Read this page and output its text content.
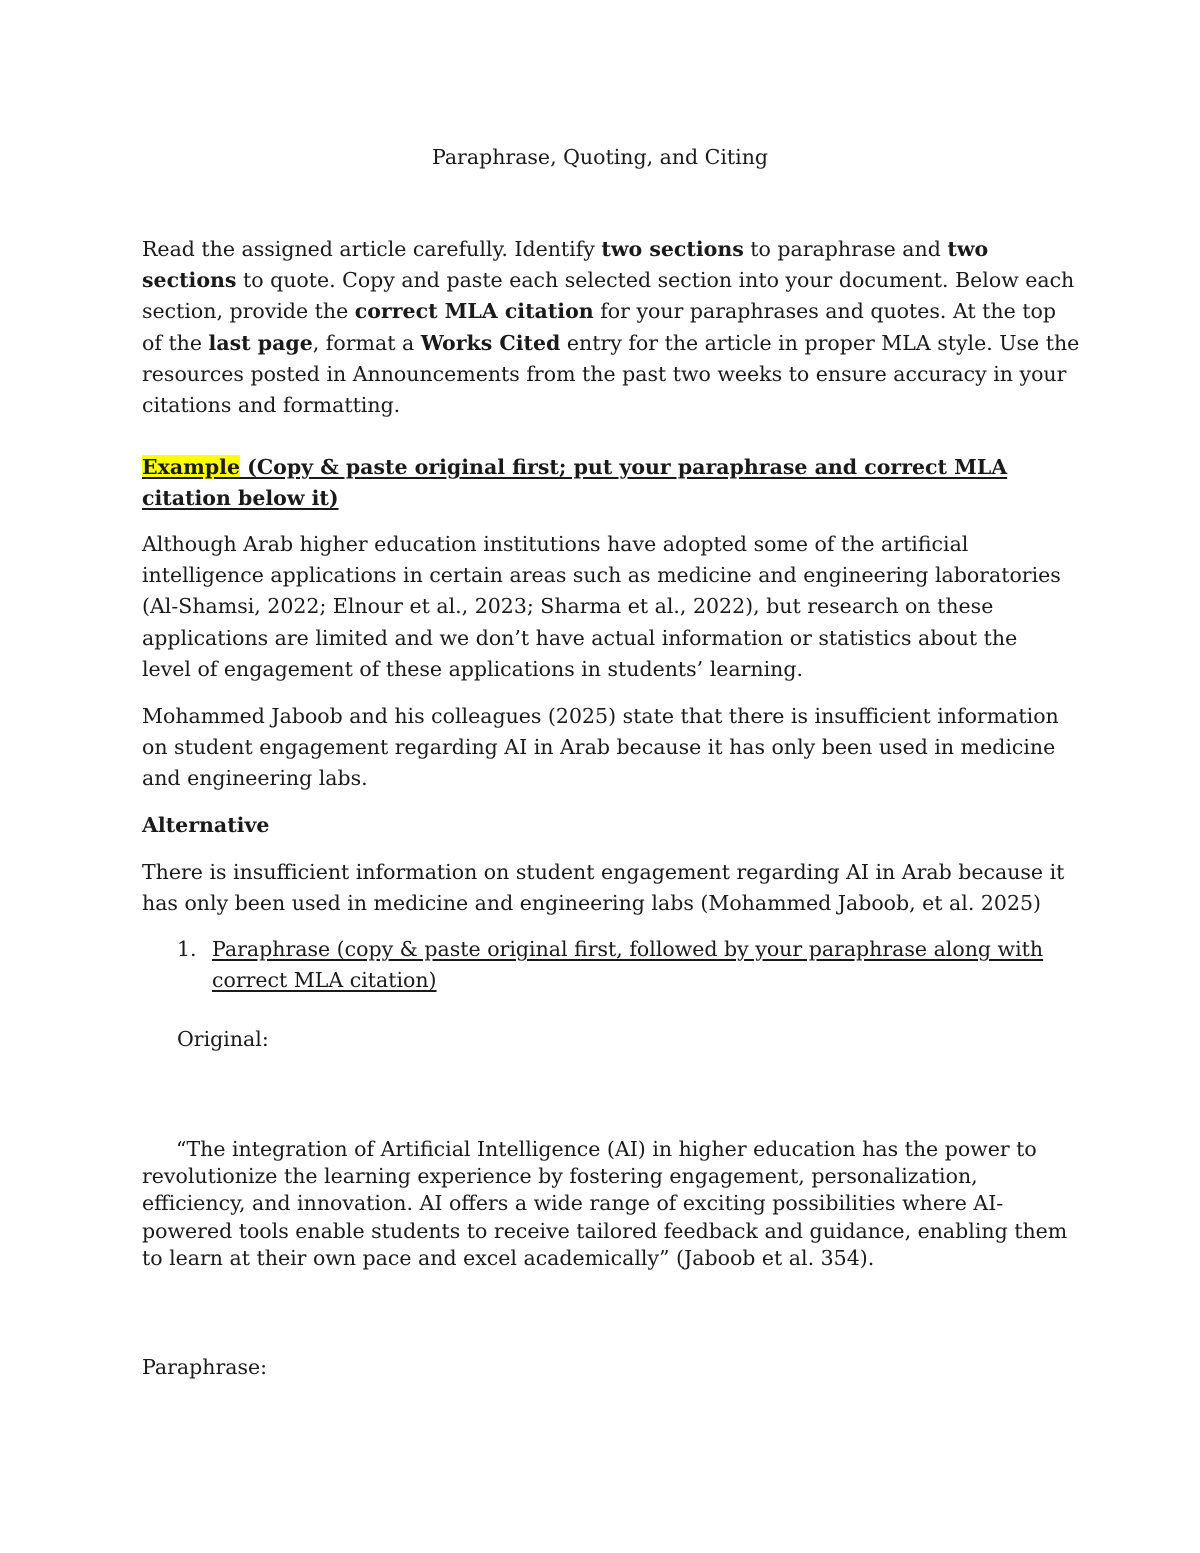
Paraphrase, Quoting, and Citing

Read the assigned article carefully. Identify two sections to paraphrase and two sections to quote. Copy and paste each selected section into your document. Below each section, provide the correct MLA citation for your paraphrases and quotes. At the top of the last page, format a Works Cited entry for the article in proper MLA style. Use the resources posted in Announcements from the past two weeks to ensure accuracy in your citations and formatting.

Example (Copy & paste original first; put your paraphrase and correct MLA citation below it)

Although Arab higher education institutions have adopted some of the artificial intelligence applications in certain areas such as medicine and engineering laboratories (Al-Shamsi, 2022; Elnour et al., 2023; Sharma et al., 2022), but research on these applications are limited and we don’t have actual information or statistics about the level of engagement of these applications in students’ learning.

Mohammed Jaboob and his colleagues (2025) state that there is insufficient information on student engagement regarding AI in Arab because it has only been used in medicine and engineering labs.

Alternative

There is insufficient information on student engagement regarding AI in Arab because it has only been used in medicine and engineering labs (Mohammed Jaboob, et al. 2025)

1. Paraphrase (copy & paste original first, followed by your paraphrase along with correct MLA citation)

Original:

“The integration of Artificial Intelligence (AI) in higher education has the power to revolutionize the learning experience by fostering engagement, personalization, efficiency, and innovation. AI offers a wide range of exciting possibilities where AI-powered tools enable students to receive tailored feedback and guidance, enabling them to learn at their own pace and excel academically” (Jaboob et al. 354).

Paraphrase:
